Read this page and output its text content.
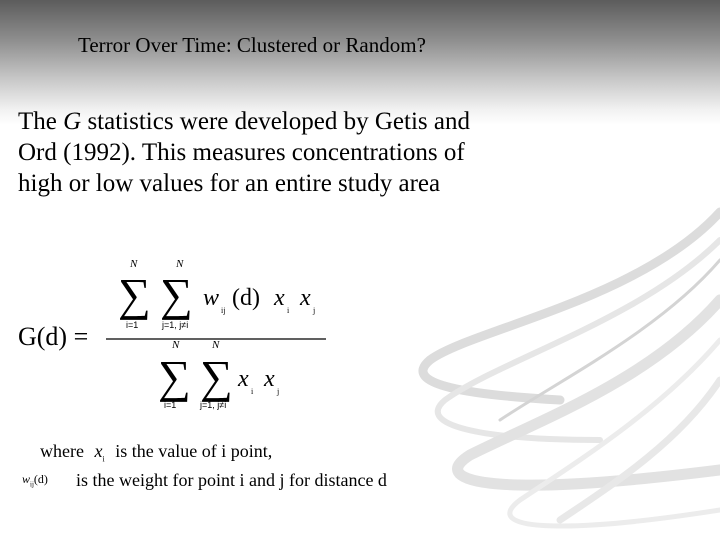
Terror Over Time: Clustered or Random?

The G statistics were developed by Getis and
Ord (1992). This measures concentrations of
high or low values for an entire study area

G(d) =
N
∑
i=1
N
∑
j=1, j≠i
w ij (d) x i x j
N
∑
i=1
N
∑
j=1, j≠i
x i x j

where $x_i$ is the value of i point,

$w_{ij}(d)$ is the weight for point i and j for distance d
